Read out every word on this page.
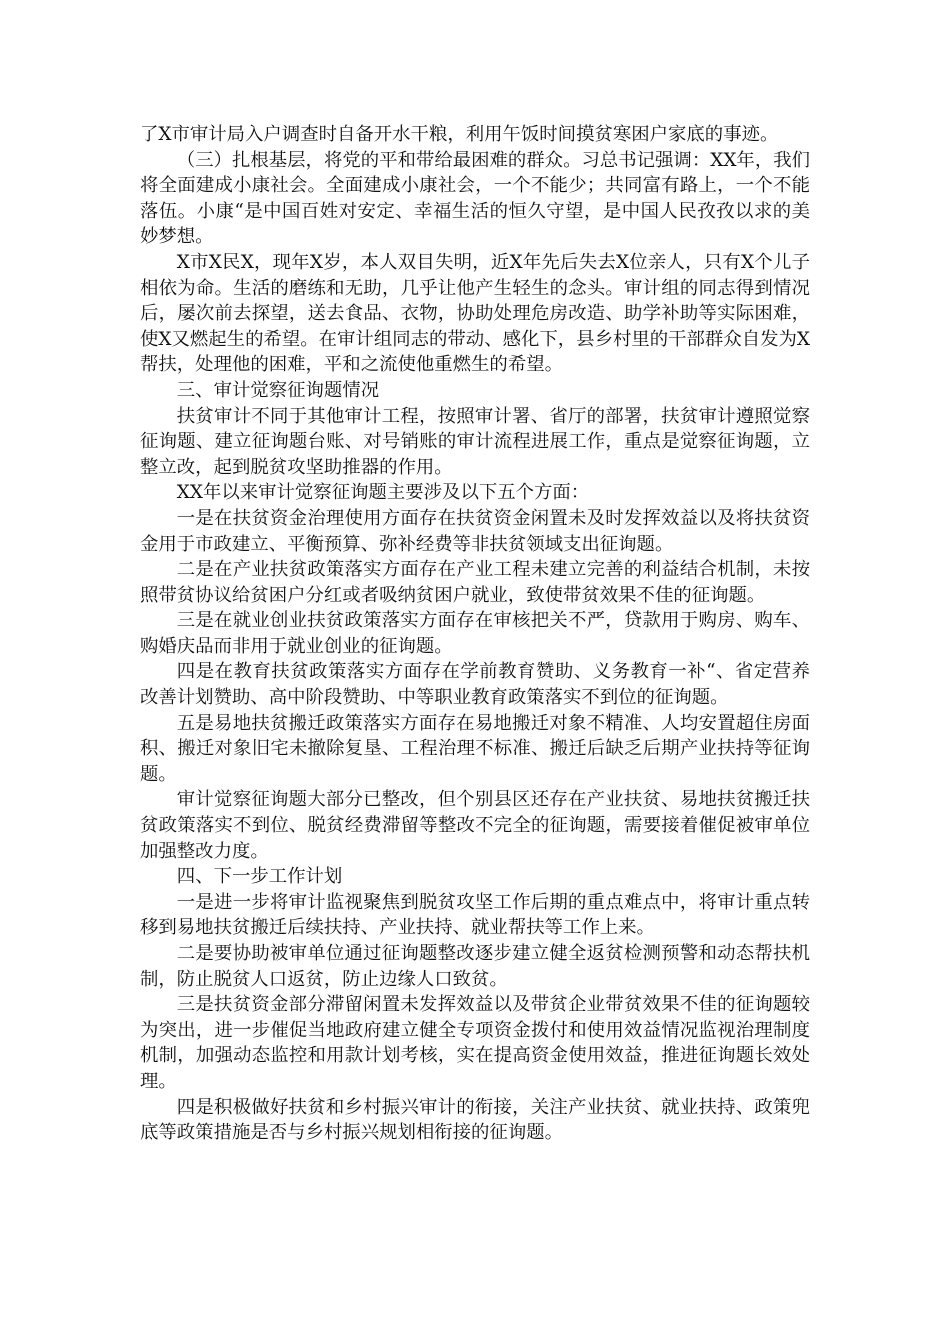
了X市审计局入户调查时自备开水干粮，利用午饭时间摸贫寒困户家底的事迹。

（三）扎根基层，将党的平和带给最困难的群众。习总书记强调：XX年，我们将全面建成小康社会。全面建成小康社会，一个不能少；共同富有路上，一个不能落伍。小康“是中国百姓对安定、幸福生活的恒久守望，是中国人民孜孜以求的美妙梦想。

X市X民X，现年X岁，本人双目失明，近X年先后失去X位亲人，只有X个儿子相依为命。生活的磨练和无助，几乎让他产生轻生的念头。审计组的同志得到情况后，屡次前去探望，送去食品、衣物，协助处理危房改造、助学补助等实际困难，使X又燃起生的希望。在审计组同志的带动、感化下，县乡村里的干部群众自发为X帮扶，处理他的困难，平和之流使他重燃生的希望。

三、审计觉察征询题情况

扶贫审计不同于其他审计工程，按照审计署、省厅的部署，扶贫审计遵照觉察征询题、建立征询题台账、对号销账的审计流程进展工作，重点是觉察征询题，立整立改，起到脱贫攻坚助推器的作用。

XX年以来审计觉察征询题主要涉及以下五个方面：

一是在扶贫资金治理使用方面存在扶贫资金闲置未及时发挥效益以及将扶贫资金用于市政建立、平衡预算、弥补经费等非扶贫领域支出征询题。

二是在产业扶贫政策落实方面存在产业工程未建立完善的利益结合机制，未按照带贫协议给贫困户分红或者吸纳贫困户就业，致使带贫效果不佳的征询题。

三是在就业创业扶贫政策落实方面存在审核把关不严，贷款用于购房、购车、购婚庆品而非用于就业创业的征询题。

四是在教育扶贫政策落实方面存在学前教育赞助、义务教育一补“、省定营养改善计划赞助、高中阶段赞助、中等职业教育政策落实不到位的征询题。

五是易地扶贫搬迁政策落实方面存在易地搬迁对象不精准、人均安置超住房面积、搬迁对象旧宅未撤除复垦、工程治理不标准、搬迁后缺乏后期产业扶持等征询题。

审计觉察征询题大部分已整改，但个别县区还存在产业扶贫、易地扶贫搬迁扶贫政策落实不到位、脱贫经费滞留等整改不完全的征询题，需要接着催促被审单位加强整改力度。

四、下一步工作计划

一是进一步将审计监视聚焦到脱贫攻坚工作后期的重点难点中，将审计重点转移到易地扶贫搬迁后续扶持、产业扶持、就业帮扶等工作上来。

二是要协助被审单位通过征询题整改逐步建立健全返贫检测预警和动态帮扶机制，防止脱贫人口返贫，防止边缘人口致贫。

三是扶贫资金部分滞留闲置未发挥效益以及带贫企业带贫效果不佳的征询题较为突出，进一步催促当地政府建立健全专项资金拨付和使用效益情况监视治理制度机制，加强动态监控和用款计划考核，实在提高资金使用效益，推进征询题长效处理。

四是积极做好扶贫和乡村振兴审计的衔接，关注产业扶贫、就业扶持、政策兜底等政策措施是否与乡村振兴规划相衔接的征询题。
